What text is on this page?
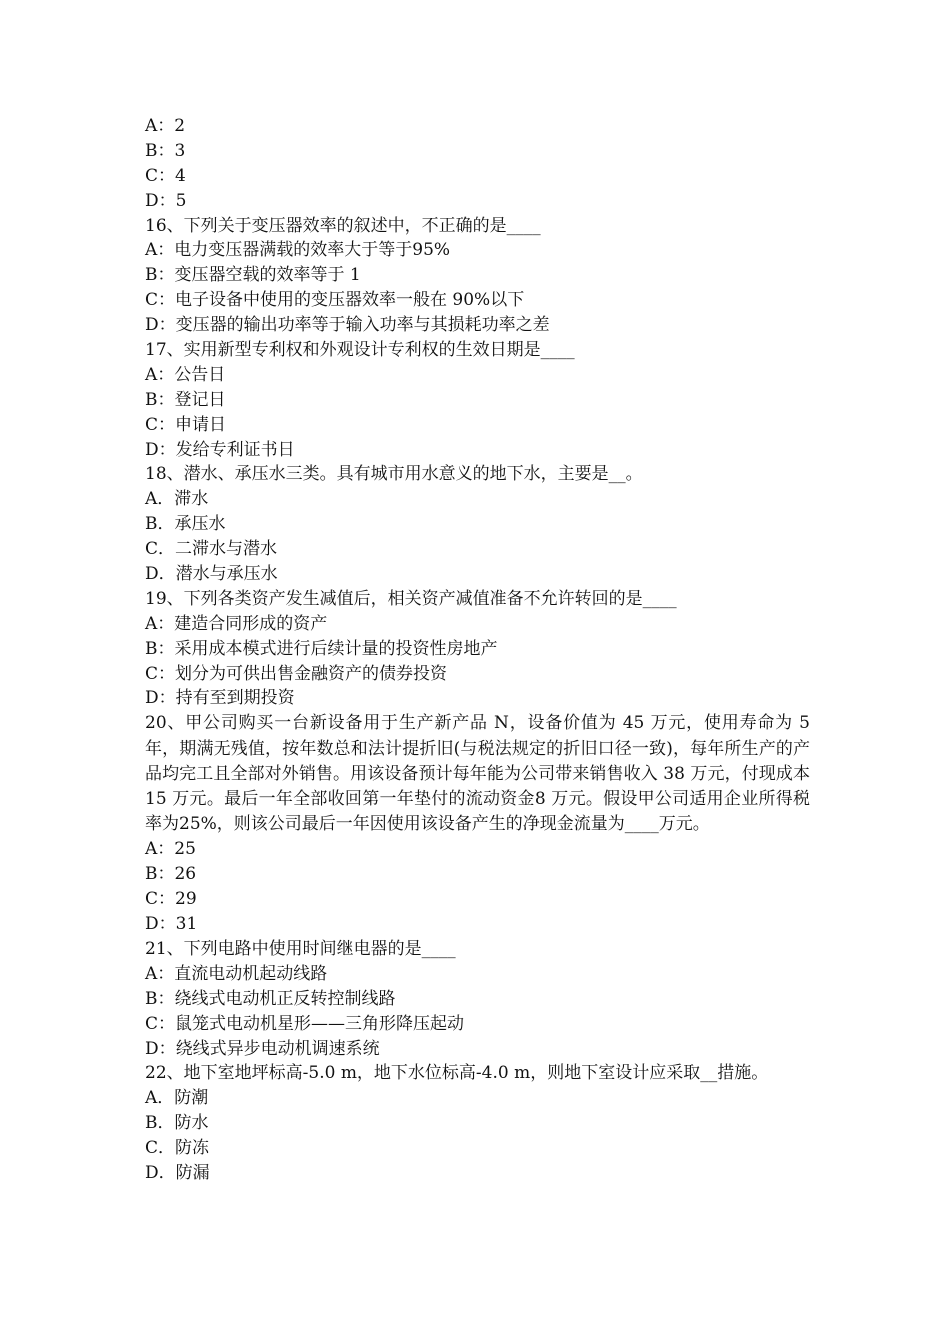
A：2
B：3
C：4
D：5
16、下列关于变压器效率的叙述中，不正确的是____
A：电力变压器满载的效率大于等于95%
B：变压器空载的效率等于 1
C：电子设备中使用的变压器效率一般在 90%以下
D：变压器的输出功率等于输入功率与其损耗功率之差
17、实用新型专利权和外观设计专利权的生效日期是____
A：公告日
B：登记日
C：申请日
D：发给专利证书日
18、潜水、承压水三类。具有城市用水意义的地下水，主要是__。
A．滞水
B．承压水
C．二滞水与潜水
D．潜水与承压水
19、下列各类资产发生减值后，相关资产减值准备不允许转回的是____
A：建造合同形成的资产
B：采用成本模式进行后续计量的投资性房地产
C：划分为可供出售金融资产的债券投资
D：持有至到期投资
20、甲公司购买一台新设备用于生产新产品 N，设备价值为 45 万元，使用寿命为 5 年，期满无残值，按年数总和法计提折旧(与税法规定的折旧口径一致)，每年所生产的产品均完工且全部对外销售。用该设备预计每年能为公司带来销售收入 38 万元，付现成本 15 万元。最后一年全部收回第一年垫付的流动资金8 万元。假设甲公司适用企业所得税率为25%，则该公司最后一年因使用该设备产生的净现金流量为____万元。
A：25
B：26
C：29
D：31
21、下列电路中使用时间继电器的是____
A：直流电动机起动线路
B：绕线式电动机正反转控制线路
C：鼠笼式电动机星形——三角形降压起动
D：绕线式异步电动机调速系统
22、地下室地坪标高-5.0 m，地下水位标高-4.0 m，则地下室设计应采取__措施。
A．防潮
B．防水
C．防冻
D．防漏
